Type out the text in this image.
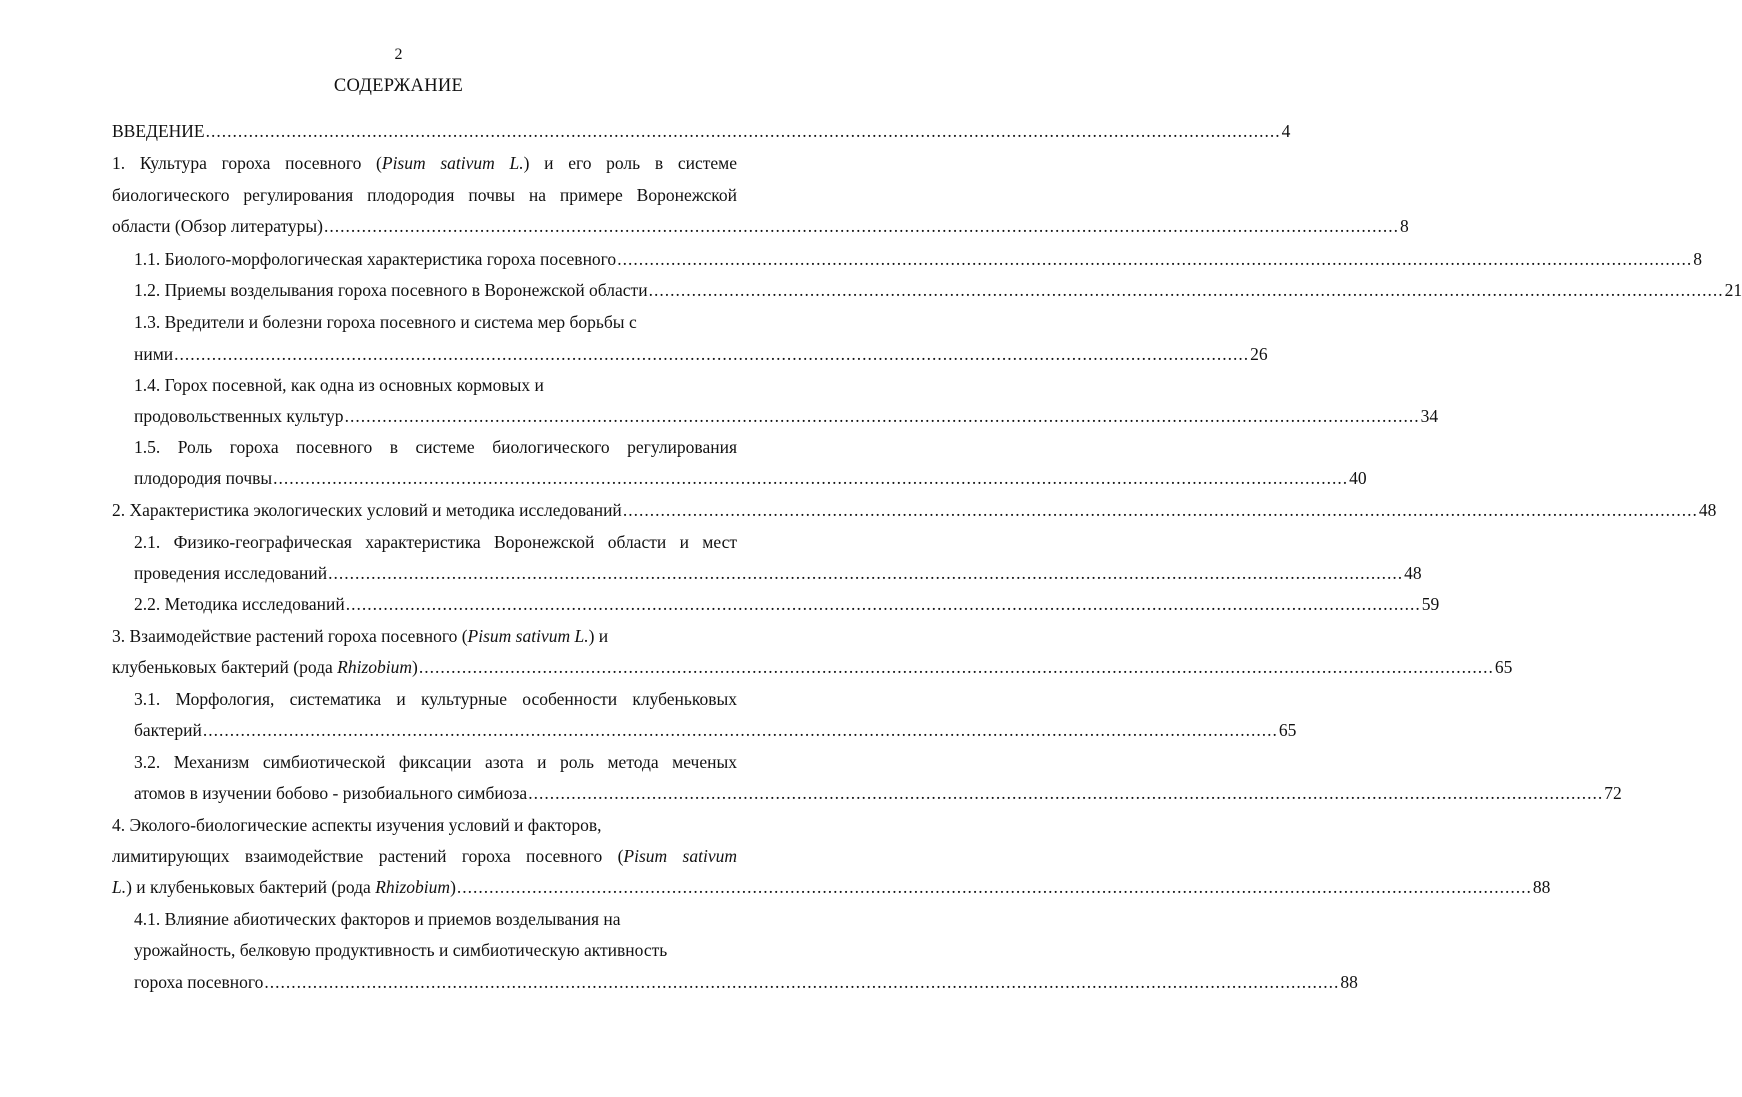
2
СОДЕРЖАНИЕ
ВВЕДЕНИЕ ........................................................................................................................................................................................................ 4
1. Культура гороха посевного (Pisum sativum L.) и его роль в системе
биологического регулирования плодородия почвы на примере Воронежской
области (Обзор литературы) ........................................................................................................................................................................................................ 8
1.1. Биолого-морфологическая характеристика гороха посевного ........................................................................................................................................................................................................ 8
1.2. Приемы возделывания гороха посевного в Воронежской области ........................................................................................................................................................................................................ 21
1.3. Вредители и болезни гороха посевного и система мер борьбы с
ними ........................................................................................................................................................................................................ 26
1.4. Горох посевной, как одна из основных кормовых и
продовольственных культур ........................................................................................................................................................................................................ 34
1.5. Роль гороха посевного в системе биологического регулирования
плодородия почвы ........................................................................................................................................................................................................ 40
2. Характеристика экологических условий и методика исследований ........................................................................................................................................................................................................ 48
2.1. Физико-географическая характеристика Воронежской области и мест
проведения исследований ........................................................................................................................................................................................................ 48
2.2. Методика исследований ........................................................................................................................................................................................................ 59
3. Взаимодействие растений гороха посевного (Pisum sativum L.) и
клубеньковых бактерий (рода Rhizobium) ........................................................................................................................................................................................................ 65
3.1. Морфология, систематика и культурные особенности клубеньковых
бактерий ........................................................................................................................................................................................................ 65
3.2. Механизм симбиотической фиксации азота и роль метода меченых
атомов в изучении бобово - ризобиального симбиоза ........................................................................................................................................................................................................ 72
4. Эколого-биологические аспекты изучения условий и факторов,
лимитирующих взаимодействие растений гороха посевного (Pisum sativum
L.) и клубеньковых бактерий (рода Rhizobium) ........................................................................................................................................................................................................ 88
4.1. Влияние абиотических факторов и приемов возделывания на
урожайность, белковую продуктивность и симбиотическую активность
гороха посевного ........................................................................................................................................................................................................ 88
